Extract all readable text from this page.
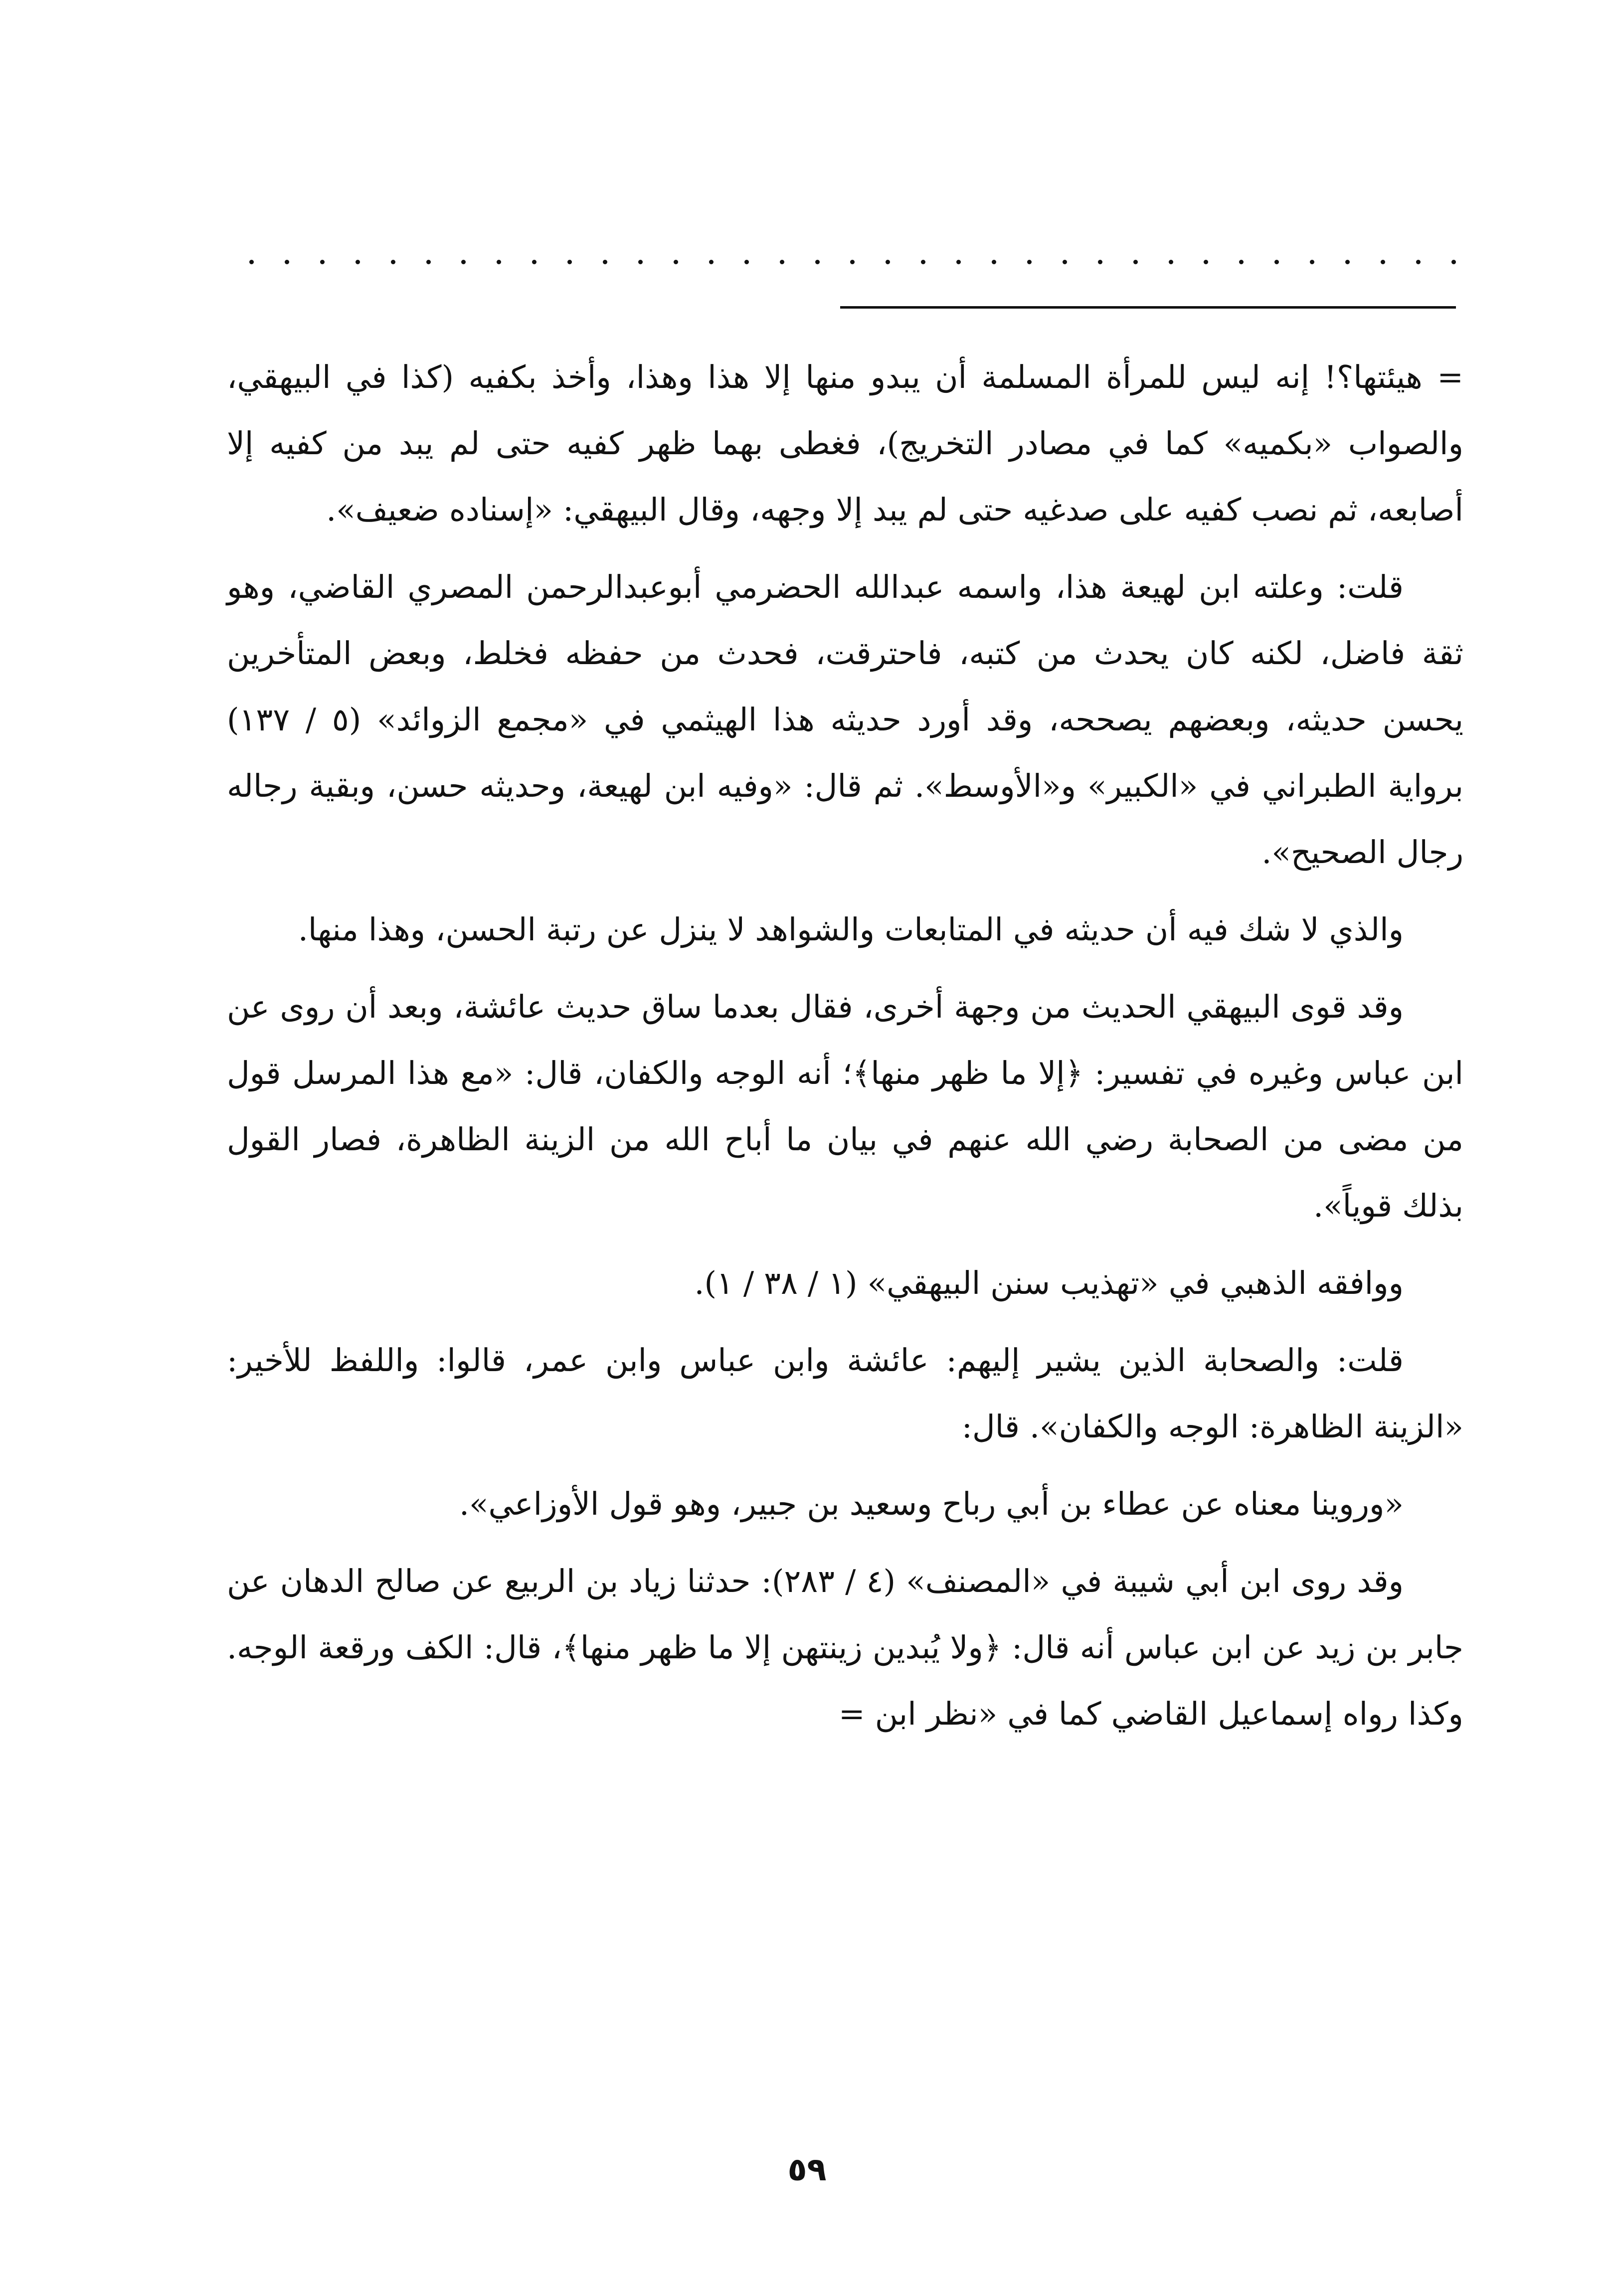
= هيئتها؟! إنه ليس للمرأة المسلمة أن يبدو منها إلا هذا وهذا، وأخذ بكفيه (كذا في البيهقي، والصواب «بكميه» كما في مصادر التخريج)، فغطى بهما ظهر كفيه حتى لم يبد من كفيه إلا أصابعه، ثم نصب كفيه على صدغيه حتى لم يبد إلا وجهه، وقال البيهقي: «إسناده ضعيف».

قلت: وعلته ابن لهيعة هذا، واسمه عبدالله الحضرمي أبوعبدالرحمن المصري القاضي، وهو ثقة فاضل، لكنه كان يحدث من كتبه، فاحترقت، فحدث من حفظه فخلط، وبعض المتأخرين يحسن حديثه، وبعضهم يصححه، وقد أورد حديثه هذا الهيثمي في «مجمع الزوائد» (٥ / ١٣٧) برواية الطبراني في «الكبير» و«الأوسط». ثم قال: «وفيه ابن لهيعة، وحديثه حسن، وبقية رجاله رجال الصحيح».

والذي لا شك فيه أن حديثه في المتابعات والشواهد لا ينزل عن رتبة الحسن، وهذا منها.

وقد قوى البيهقي الحديث من وجهة أخرى، فقال بعدما ساق حديث عائشة، وبعد أن روى عن ابن عباس وغيره في تفسير: ﴿إلا ما ظهر منها﴾؛ أنه الوجه والكفان، قال: «مع هذا المرسل قول من مضى من الصحابة رضي الله عنهم في بيان ما أباح الله من الزينة الظاهرة، فصار القول بذلك قوياً».

ووافقه الذهبي في «تهذيب سنن البيهقي» (١ / ٣٨ / ١).

قلت: والصحابة الذين يشير إليهم: عائشة وابن عباس وابن عمر، قالوا: واللفظ للأخير: «الزينة الظاهرة: الوجه والكفان». قال:

«وروينا معناه عن عطاء بن أبي رباح وسعيد بن جبير، وهو قول الأوزاعي».

وقد روى ابن أبي شيبة في «المصنف» (٤ / ٢٨٣): حدثنا زياد بن الربيع عن صالح الدهان عن جابر بن زيد عن ابن عباس أنه قال: ﴿ولا يُبدين زينتهن إلا ما ظهر منها﴾، قال: الكف ورقعة الوجه. وكذا رواه إسماعيل القاضي كما في «نظر ابن =

٥٩
